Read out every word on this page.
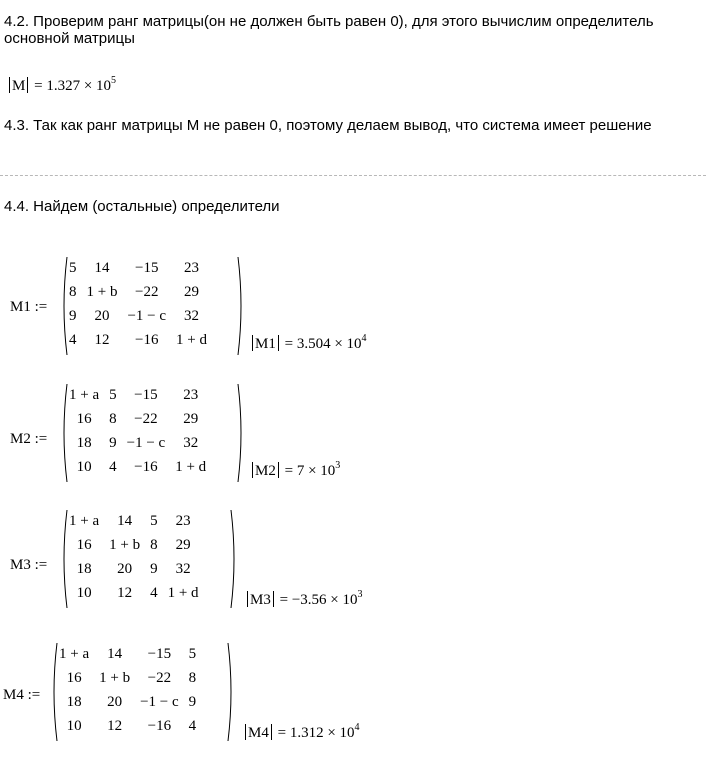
4.2. Проверим ранг матрицы(он не должен быть равен 0), для этого вычислим определитель основной матрицы
$M = 1.327 \times 10^5$
4.3. Так как ранг матрицы M не равен 0, поэтому делаем вывод, что система имеет решение
4.4. Найдем (остальные) определители
M1 :=
5	14	−15	23
8	1 + b	−22	29
9	20	−1 − c	32
4	12	−16	1 + d	$M1 = 3.504 \times 10^4$
M2 :=
1 + a	5	−15	23
16	8	−22	29
18	9	−1 − c	32
10	4	−16	1 + d	$M2 = 7 \times 10^3$
M3 :=
1 + a	14	5	23
16	1 + b	8	29
18	20	9	32
10	12	4	1 + d	$M3 = -3.56 \times 10^3$
M4 :=
1 + a	14	−15	5
16	1 + b	−22	8
18	20	−1 − c	9
10	12	−16	4	$M4 = 1.312 \times 10^4$
